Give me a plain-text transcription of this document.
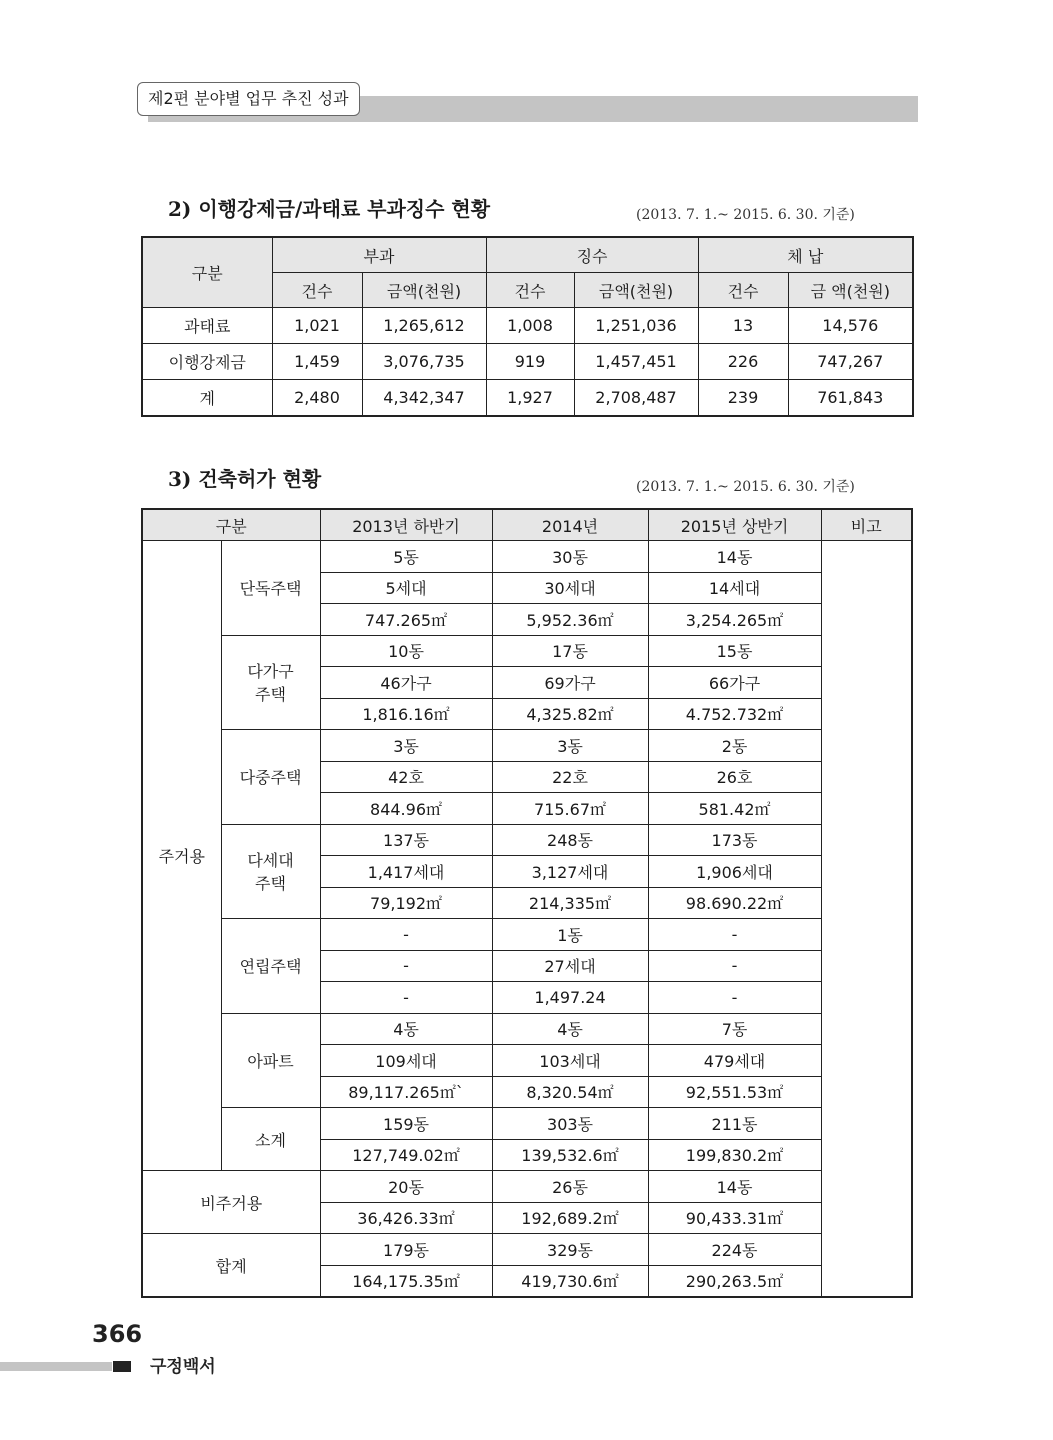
제2편 분야별 업무 추진 성과
2) 이행강제금/과태료 부과징수 현황	(2013. 7. 1.~ 2015. 6. 30. 기준)
구분	부과		징수		체 납	
	건수	금액(천원)	건수	금액(천원)	건수	금 액(천원)
과태료	1,021	1,265,612	1,008	1,251,036	13	14,576
이행강제금	1,459	3,076,735	919	1,457,451	226	747,267
계	2,480	4,342,347	1,927	2,708,487	239	761,843
3) 건축허가 현황	(2013. 7. 1.~ 2015. 6. 30. 기준)
구분		2013년 하반기	2014년	2015년 상반기	비고
주거용	단독주택	5동	30동	14동	
		5세대	30세대	14세대	
		747.265㎡	5,952.36㎡	3,254.265㎡	
	다가구
주택	10동	17동	15동	
		46가구	69가구	66가구	
		1,816.16㎡	4,325.82㎡	4.752.732㎡	
	다중주택	3동	3동	2동	
		42호	22호	26호	
		844.96㎡	715.67㎡	581.42㎡	
	다세대
주택	137동	248동	173동	
		1,417세대	3,127세대	1,906세대	
		79,192㎡	214,335㎡	98.690.22㎡	
	연립주택	-	1동	-	
		-	27세대	-	
		-	1,497.24	-	
	아파트	4동	4동	7동	
		109세대	103세대	479세대	
		89,117.265㎡`	8,320.54㎡	92,551.53㎡	
	소계	159동	303동	211동	
		127,749.02㎡	139,532.6㎡	199,830.2㎡	
비주거용		20동	26동	14동	
		36,426.33㎡	192,689.2㎡	90,433.31㎡	
합계		179동	329동	224동	
		164,175.35㎡	419,730.6㎡	290,263.5㎡	
366
구정백서
